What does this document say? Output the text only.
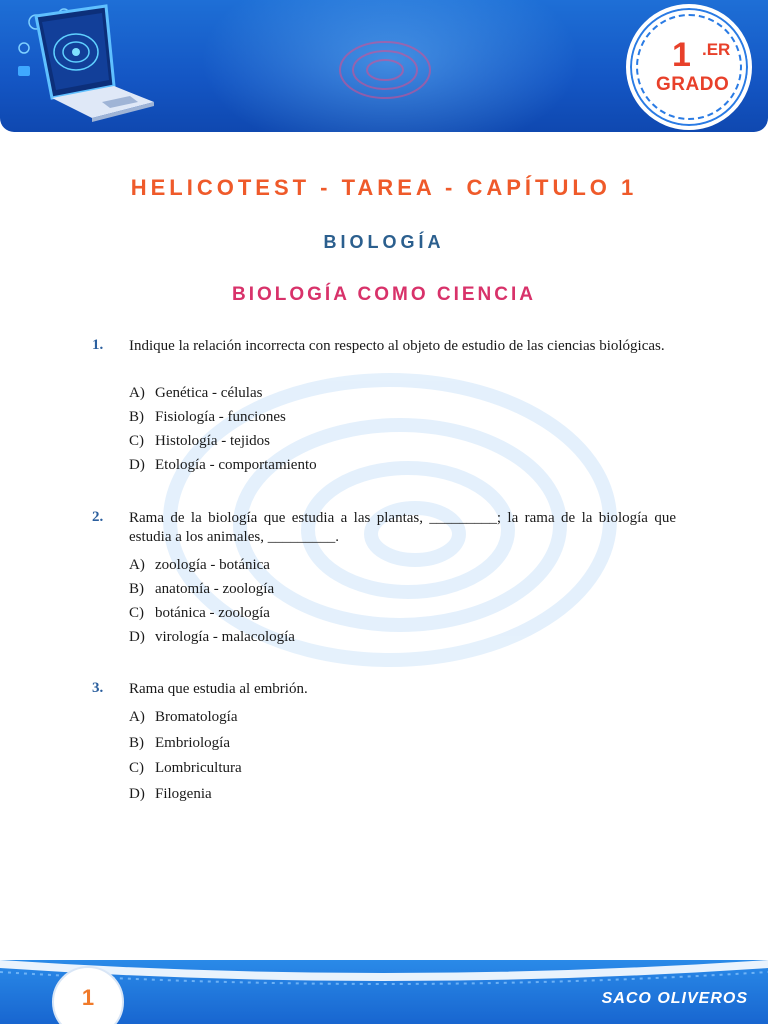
1 .ER
GRADO
HELICOTEST - TAREA - CAPÍTULO 1
BIOLOGÍA
BIOLOGÍA COMO CIENCIA
1. Indique la relación incorrecta con respecto al objeto de estudio de las ciencias biológicas.

A) Genética - células
B) Fisiología - funciones
C) Histología - tejidos
D) Etología - comportamiento
2. Rama de la biología que estudia a las plantas, _________; la rama de la biología que estudia a los animales, _________.

A) zoología - botánica
B) anatomía - zoología
C) botánica - zoología
D) virología - malacología
3. Rama que estudia al embrión.

A) Bromatología
B) Embriología
C) Lombricultura
D) Filogenia
1	SACO OLIVEROS
